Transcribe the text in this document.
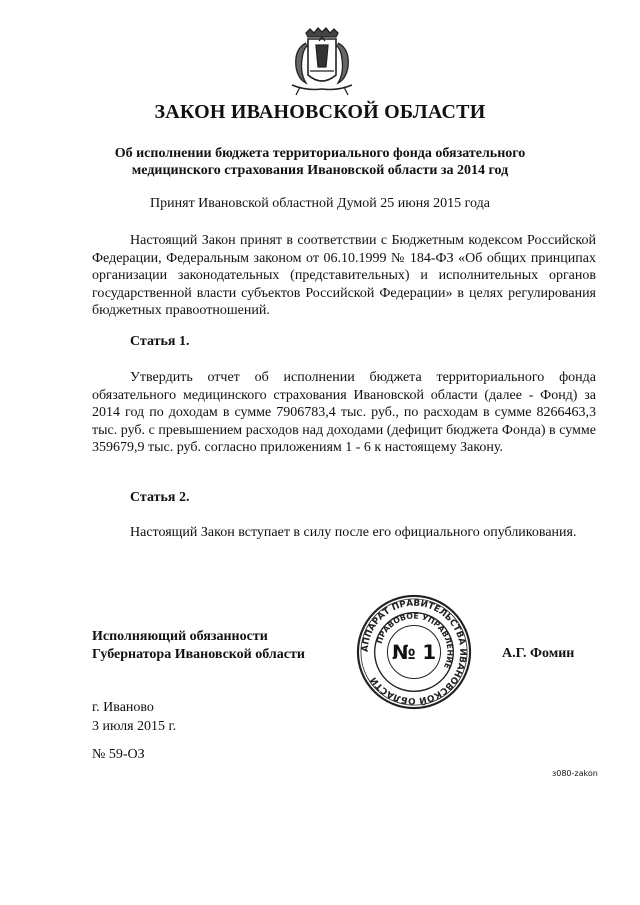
ЗАКОН ИВАНОВСКОЙ ОБЛАСТИ
Об исполнении бюджета территориального фонда обязательного
медицинского страхования Ивановской области за 2014 год
Принят Ивановской областной Думой 25 июня 2015 года
Настоящий Закон принят в соответствии с Бюджетным кодексом Российской Федерации, Федеральным законом от 06.10.1999 № 184-ФЗ «Об общих принципах организации законодательных (представительных) и исполнительных органов государственной власти субъектов Российской Федерации» в целях регулирования бюджетных правоотношений.
Статья 1.
Утвердить отчет об исполнении бюджета территориального фонда обязательного медицинского страхования Ивановской области (далее - Фонд) за 2014 год по доходам в сумме 7906783,4 тыс. руб., по расходам в сумме 8266463,3 тыс. руб. с превышением расходов над доходами (дефицит бюджета Фонда) в сумме 359679,9 тыс. руб. согласно приложениям 1 - 6 к настоящему Закону.
Статья 2.
Настоящий Закон вступает в силу после его официального опубликования.
Исполняющий обязанности
Губернатора Ивановской области	АППАРАТ ПРАВИТЕЛЬСТВА ИВАНОВСКОЙ ОБЛАСТИ
ПРАВОВОЕ УПРАВЛЕНИЕ
№ 1	А.Г. Фомин
г. Иваново
3 июля 2015 г.
№ 59-ОЗ
з080-zakon
